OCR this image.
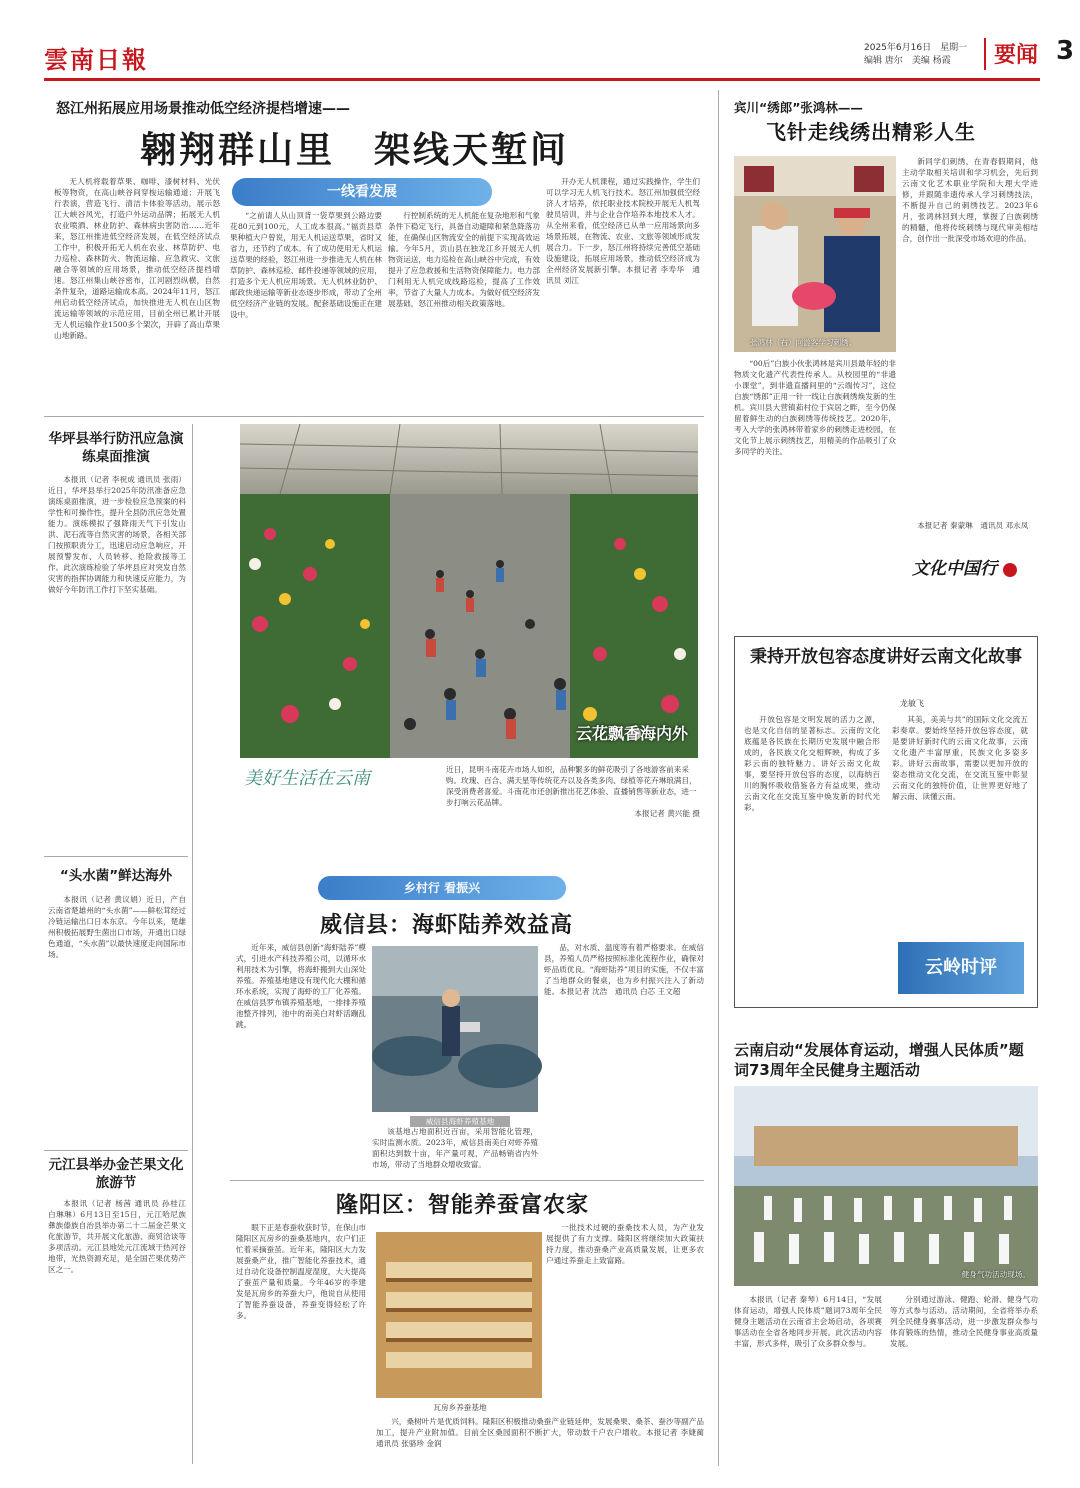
雲南日報	2025年6月16日　星期一
编辑 唐尔　美编 杨霞	要闻 3
怒江州拓展应用场景推动低空经济提档增速——
翱翔群山里　架线天堑间
一线看发展

无人机将载着草果、咖啡、漆树材料、光伏板等物资，在高山峡谷间穿梭运输通道；开展飞行表演，营造飞行、清洁卡体验等活动，展示怒江大峡谷风光，打造户外运动品牌；拓展无人机农业喷洒、林业防护、森林病虫害防治……近年来，怒江州推进低空经济发展，在低空经济试点工作中，积极开拓无人机在农业、林草防护、电力巡检、森林防火、物流运输、应急救灾、文旅融合等领域的应用场景，推动低空经济提档增速。怒江州集山峡谷密布，江河剧烈纵横，自然条件复杂，道路运输成本高。2024年11月，怒江州启动低空经济试点，加快推进无人机在山区物流运输等领域的示范应用，目前全州已累计开展无人机运输作业1500多个架次，开辟了高山草果山地新路。

“之前请人从山顶背一袋草果到公路边要花80元到100元，人工成本很高。”福贡县草果种植大户曾说，用无人机运送草果，省时又省力，还节约了成本。有了成功使用无人机运送草果的经验，怒江州进一步推进无人机在林草防护、森林巡检、邮件投递等领域的应用，打造多个无人机应用场景。无人机林业防护、邮政快递运输等新业态逐步形成，带动了全州低空经济产业链的发展。配套基础设施正在建设中。

行控制系统的无人机能在复杂地形和气象条件下稳定飞行，具备自动避障和紧急降落功能，在确保山区物流安全的前提下实现高效运输。今年5月，贡山县在独龙江乡开展无人机物资运送，电力巡检在高山峡谷中完成，有效提升了应急救援和生活物资保障能力。电力部门利用无人机完成线路巡检，提高了工作效率，节省了大量人力成本。为做好低空经济发展基础，怒江州推动相关政策落地。

开办无人机课程，通过实践操作，学生们可以学习无人机飞行技术。怒江州加强低空经济人才培养，依托职业技术院校开展无人机驾驶员培训，并与企业合作培养本地技术人才。从全州来看，低空经济已从单一应用场景向多场景拓展，在物流、农业、文旅等领域形成发展合力。下一步，怒江州将持续完善低空基础设施建设，拓展应用场景，推动低空经济成为全州经济发展新引擎。本报记者 李寿华　通讯员 刘江

华坪县举行防汛应急演练桌面推演

本报讯（记者 李祝成 通讯员 张雨）近日，华坪县举行2025年防汛准备应急演练桌面推演，进一步检验应急预案的科学性和可操作性，提升全县防汛应急处置能力。演练模拟了强降雨天气下引发山洪、泥石流等自然灾害的场景，各相关部门按照职责分工，迅速启动应急响应，开展预警发布、人员转移、抢险救援等工作。此次演练检验了华坪县应对突发自然灾害的指挥协调能力和快速反应能力，为做好今年防汛工作打下坚实基础。

“头水菌”鲜达海外

本报讯（记者 黄议娟）近日，产自云南省楚雄州的“头水菌”——鲜松茸经过冷链运输出口日本东京。今年以来，楚雄州积极拓展野生菌出口市场，开通出口绿色通道，“头水菌”以最快速度走向国际市场。

元江县举办金芒果文化旅游节

本报讯（记者 杨茜 通讯员 孙桂江 白琳琳）6月13日至15日，元江哈尼族彝族傣族自治县举办第二十二届金芒果文化旅游节，共开展文化旅游、商贸洽谈等多项活动。元江县地处元江流域干热河谷地带，光热资源充足，是全国芒果优势产区之一。

云花飘香海内外
美好生活在云南	近日，昆明斗南花卉市场人如织，品种繁多的鲜花吸引了各地游客前来采购。玫瑰、百合、满天星等传统花卉以及各类多肉、绿植等花卉琳琅满目，深受消费者喜爱。斗南花市还创新推出花艺体验、直播销售等新业态，进一步打响云花品牌。
本报记者 黄兴能 摄
乡村行 看振兴
威信县：海虾陆养效益高

近年来，威信县创新“海虾陆养”模式，引进水产科技养殖公司，以循环水利用技术为引擎，将海虾搬到大山深处养殖。养殖基地建设有现代化大棚和循环水系统，实现了海虾的工厂化养殖。在威信县罗布镇养殖基地，一排排养殖池整齐排列，池中的南美白对虾活蹦乱跳。

威信县海虾养殖基地

品，对水质、温度等有着严格要求。在威信县，养殖人员严格按照标准化流程作业，确保对虾品质优良。“海虾陆养”项目的实施，不仅丰富了当地群众的餐桌，也为乡村振兴注入了新动能。本报记者 沈浩　通讯员 白芯 王文超

该基地占地面积近百亩，采用智能化管理，实时监测水质。2023年，威信县南美白对虾养殖面积达到数十亩，年产量可观，产品畅销省内外市场，带动了当地群众增收致富。

隆阳区：智能养蚕富农家

眼下正是春蚕收获时节，在保山市隆阳区瓦房乡的蚕桑基地内，农户们正忙着采摘蚕茧。近年来，隆阳区大力发展蚕桑产业，推广智能化养蚕技术，通过自动化设备控制温度湿度，大大提高了蚕茧产量和质量。今年46岁的李建发是瓦房乡的养蚕大户，他说自从使用了智能养蚕设备，养蚕变得轻松了许多。

瓦房乡养蚕基地

一批技术过硬的蚕桑技术人员，为产业发展提供了有力支撑。隆阳区将继续加大政策扶持力度，推动蚕桑产业高质量发展，让更多农户通过养蚕走上致富路。

兴，桑树叶片是优质饲料。隆阳区积极推动桑蚕产业链延伸，发展桑果、桑茶、蚕沙等副产品加工，提升产业附加值。目前全区桑园面积不断扩大，带动数千户农户增收。本报记者 李婕蔺　通讯员 张骆珍 金润

宾川“绣郎”张鸿林——
飞针走线绣出精彩人生
张鸿林（右）向游客学习刺绣。

新同学们刺绣，在青春假期间，他主动学取相关培训和学习机会，先后到云南文化艺术职业学院和大理大学进修，并跟随非遗传承人学习刺绣技法，不断提升自己的刺绣技艺。2023年6月，张鸿林回到大理，掌握了白族刺绣的精髓，他将传统刺绣与现代审美相结合，创作出一批深受市场欢迎的作品。

“00后”白族小伙张鸿林是宾川县最年轻的非物质文化遗产代表性传承人。从校园里的“非遗小课堂”，到非遗直播间里的“云端传习”，这位白族“绣郎”正用一针一线让白族刺绣焕发新的生机。宾川县大营镇萂村位于宾居之畔，至今仍保留着鲜生动的白族刺绣等传统技艺。2020年，考入大学的张鸿林带着家乡的刺绣走进校园，在文化节上展示刺绣技艺，用精美的作品吸引了众多同学的关注。

本报记者 秦蒙琳　通讯员 邓永凤

文化中国行
秉持开放包容态度讲好云南文化故事
龙敏飞

开放包容是文明发展的活力之源，也是文化自信的显著标志。云南的文化底蕴是各民族在长期历史发展中融合形成的，各民族文化交相辉映，构成了多彩云南的独特魅力。讲好云南文化故事，要坚持开放包容的态度，以海纳百川的胸怀吸收借鉴各方有益成果，推动云南文化在交流互鉴中焕发新的时代光彩。

其美，美美与共”的国际文化交流五彩奏章。要始终坚持开放包容态度，就是要讲好新时代的云南文化故事，云南文化遗产丰富厚重，民族文化多姿多彩。讲好云南故事，需要以更加开放的姿态推动文化交流，在交流互鉴中彰显云南文化的独特价值，让世界更好地了解云南、读懂云南。

云岭时评
云南启动“发展体育运动，增强人民体质”题词73周年全民健身主题活动
健身气功活动现场。

本报讯（记者 秦琴）6月14日，“发展体育运动，增强人民体质”题词73周年全民健身主题活动在云南省主会场启动，各项赛事活动在全省各地同步开展。此次活动内容丰富，形式多样，吸引了众多群众参与。

分别通过游泳、健跑、轮滑、健身气功等方式参与活动。活动期间，全省将举办系列全民健身赛事活动，进一步激发群众参与体育锻炼的热情，推动全民健身事业高质量发展。
